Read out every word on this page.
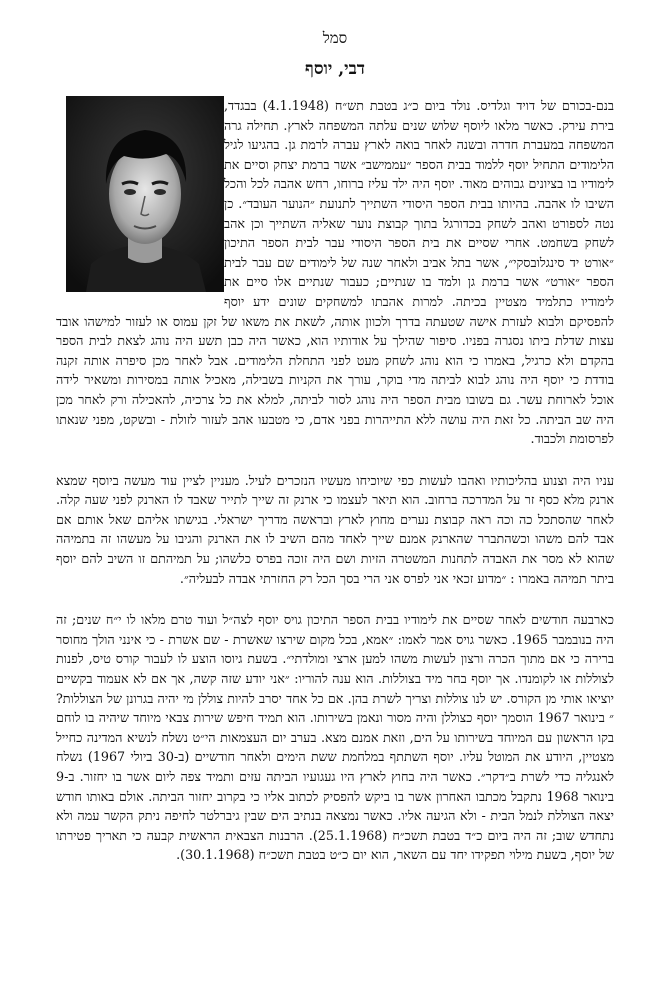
סמל
דבי, יוסף

בנם-בכורם של דויד וגלדיס. נולד ביום כ״ג בטבת תש״ח (4.1.1948) בבגדד, בירת עירק. כאשר מלאו ליוסף שלוש שנים עלתה המשפחה לארץ. תחילה גרה המשפחה במעברת חדרה ובשנה לאחר בואה לארץ עברה לרמת גן. בהגיעו לגיל הלימודים התחיל יוסף ללמוד בבית הספר ״עממישב״ אשר ברמת יצחק וסיים את לימודיו בו בציונים גבוהים מאוד. יוסף היה ילד עליז ברוחו, רחש אהבה לכל והכל השיבו לו אהבה. בהיותו בבית הספר היסודי השתייך לתנועת ״הנוער העובד״. כן נטה לספורט ואהב לשחק בכדורגל בתוך קבוצת נוער שאליה השתייך וכן אהב לשחק בשחמט. אחרי שסיים את בית הספר היסודי עבר לבית הספר התיכון ״אורט יד סינגלובסקי״, אשר בתל אביב ולאחר שנה של לימודים שם עבר לבית הספר ״אורט״ אשר ברמת גן ולמד בו שנתיים; כעבור שנתיים אלו סיים את לימודיו כתלמיד מצטיין בכיתה. למרות אהבתו למשחקים שונים ידע יוסף להפסיקם ולבוא לעזרת אישה שטעתה בדרך ולכוון אותה, לשאת את משאו של זקן עמוס או לעזור למישהו אובד עצות שדלת ביתו נסגרה בפניו. סיפור שהילך על אודותיו הוא, כאשר היה כבן תשע היה נוהג לצאת לבית הספר בהקדם ולא כרגיל, באמרו כי הוא נוהג לשחק מעט לפני התחלת הלימודים. אבל לאחר מכן סיפרה אותה זקנה בודדת כי יוסף היה נוהג לבוא לביתה מדי בוקר, עורך את הקניות בשבילה, מאכיל אותה במסירות ומשאיר לידה אוכל לארוחת עשר. גם בשובו מבית הספר היה נוהג לסור לביתה, למלא את כל צרכיה, להאכילה ורק לאחר מכן היה שב הביתה. כל זאת היה עושה ללא התייהרות בפני אדם, כי מטבעו אהב לעזור לזולת - ובשקט, מפני שנאתו לפרסומת ולכבוד.

עניו היה וצנוע בהליכותיו ואהבו לעשות כפי שיוכיחו מעשיו הנזכרים לעיל. מעניין לציין עוד מעשה ביוסף שמצא ארנק מלא כסף זר על המדרכה ברחוב. הוא תיאר לעצמו כי ארנק זה שייך לתייר שאבד לו הארנק לפני שעה קלה. לאחר שהסתכל כה וכה ראה קבוצת נערים מחוץ לארץ ובראשה מדריך ישראלי. בגישתו אליהם שאל אותם אם אבד להם משהו וכשהתברר שהארנק אמנם שייך לאחד מהם השיב לו את הארנק והגיבו על מעשהו זה בתמיהה שהוא לא מסר את האבדה לתחנות המשטרה הזיות ושם היה זוכה בפרס כלשהו; על תמיהתם זו השיב להם יוסף ביתר תמיהה באמרו : ״מדוע זכאי אני לפרס אני הרי בסך הכל רק החזרתי אבדה לבעליה״.

כארבעה חודשים לאחר שסיים את לימודיו בבית הספר התיכון גויס יוסף לצה״ל ועוד טרם מלאו לו י״ח שנים; זה היה בנובמבר 1965. כאשר גויס אמר לאמו: ״אמא, בכל מקום שירצו שאשרת - שם אשרת - כי אינני הולך מחוסר ברירה כי אם מתוך הכרה ורצון לעשות משהו למען ארצי ומולדתי״. בשעת גיוסו הוצע לו לעבור קורס טיס, לפנות לצוללות או לקומנדו. אך יוסף בחר מיד בצוללות. הוא ענה להוריו: ״אני יודע שזה קשה, אך אם לא אעמוד בקשיים יוציאו אותי מן הקורס. יש לנו צוללות וצריך לשרת בהן. אם כל אחד יסרב להיות צוללן מי יהיה בגרונן של הצוללות?״ בינואר 1967 הוסמך יוסף כצוללן והיה מסור ונאמן בשירותו. הוא תמיד חיפש שירות צבאי מיוחד שיהיה בו לוחם בקו הראשון עם המיוחד בשירותו על הים, וזאת אמנם מצא. בערב יום העצמאות הי״ט נשלח לנשיא המדינה כחייל מצטיין, היודע את המוטל עליו. יוסף השתתף במלחמת ששת הימים ולאחר חודשיים (ב-30 ביולי 1967) נשלח לאנגליה כדי לשרת ב״דקר״. כאשר היה בחוץ לארץ היו געגועיו הביתה עזים ותמיד צפה ליום אשר בו יחזור. ב-9 בינואר 1968 נתקבל מכתבו האחרון אשר בו ביקש להפסיק לכתוב אליו כי בקרוב יחזור הביתה. אולם באותו חודש יצאה הצוללת לנמל הבית - ולא הגיעה אליו. כאשר נמצאה בנתיב הים שבין גיברלטר לחיפה ניתק הקשר עמה ולא נתחדש שוב; זה היה ביום כ״ד בטבת תשכ״ח (25.1.1968). הרבנות הצבאית הראשית קבעה כי תאריך פטירתו של יוסף, בשעת מילוי תפקידו יחד עם השאר, הוא יום כ״ט בטבת תשכ״ח (30.1.1968).
